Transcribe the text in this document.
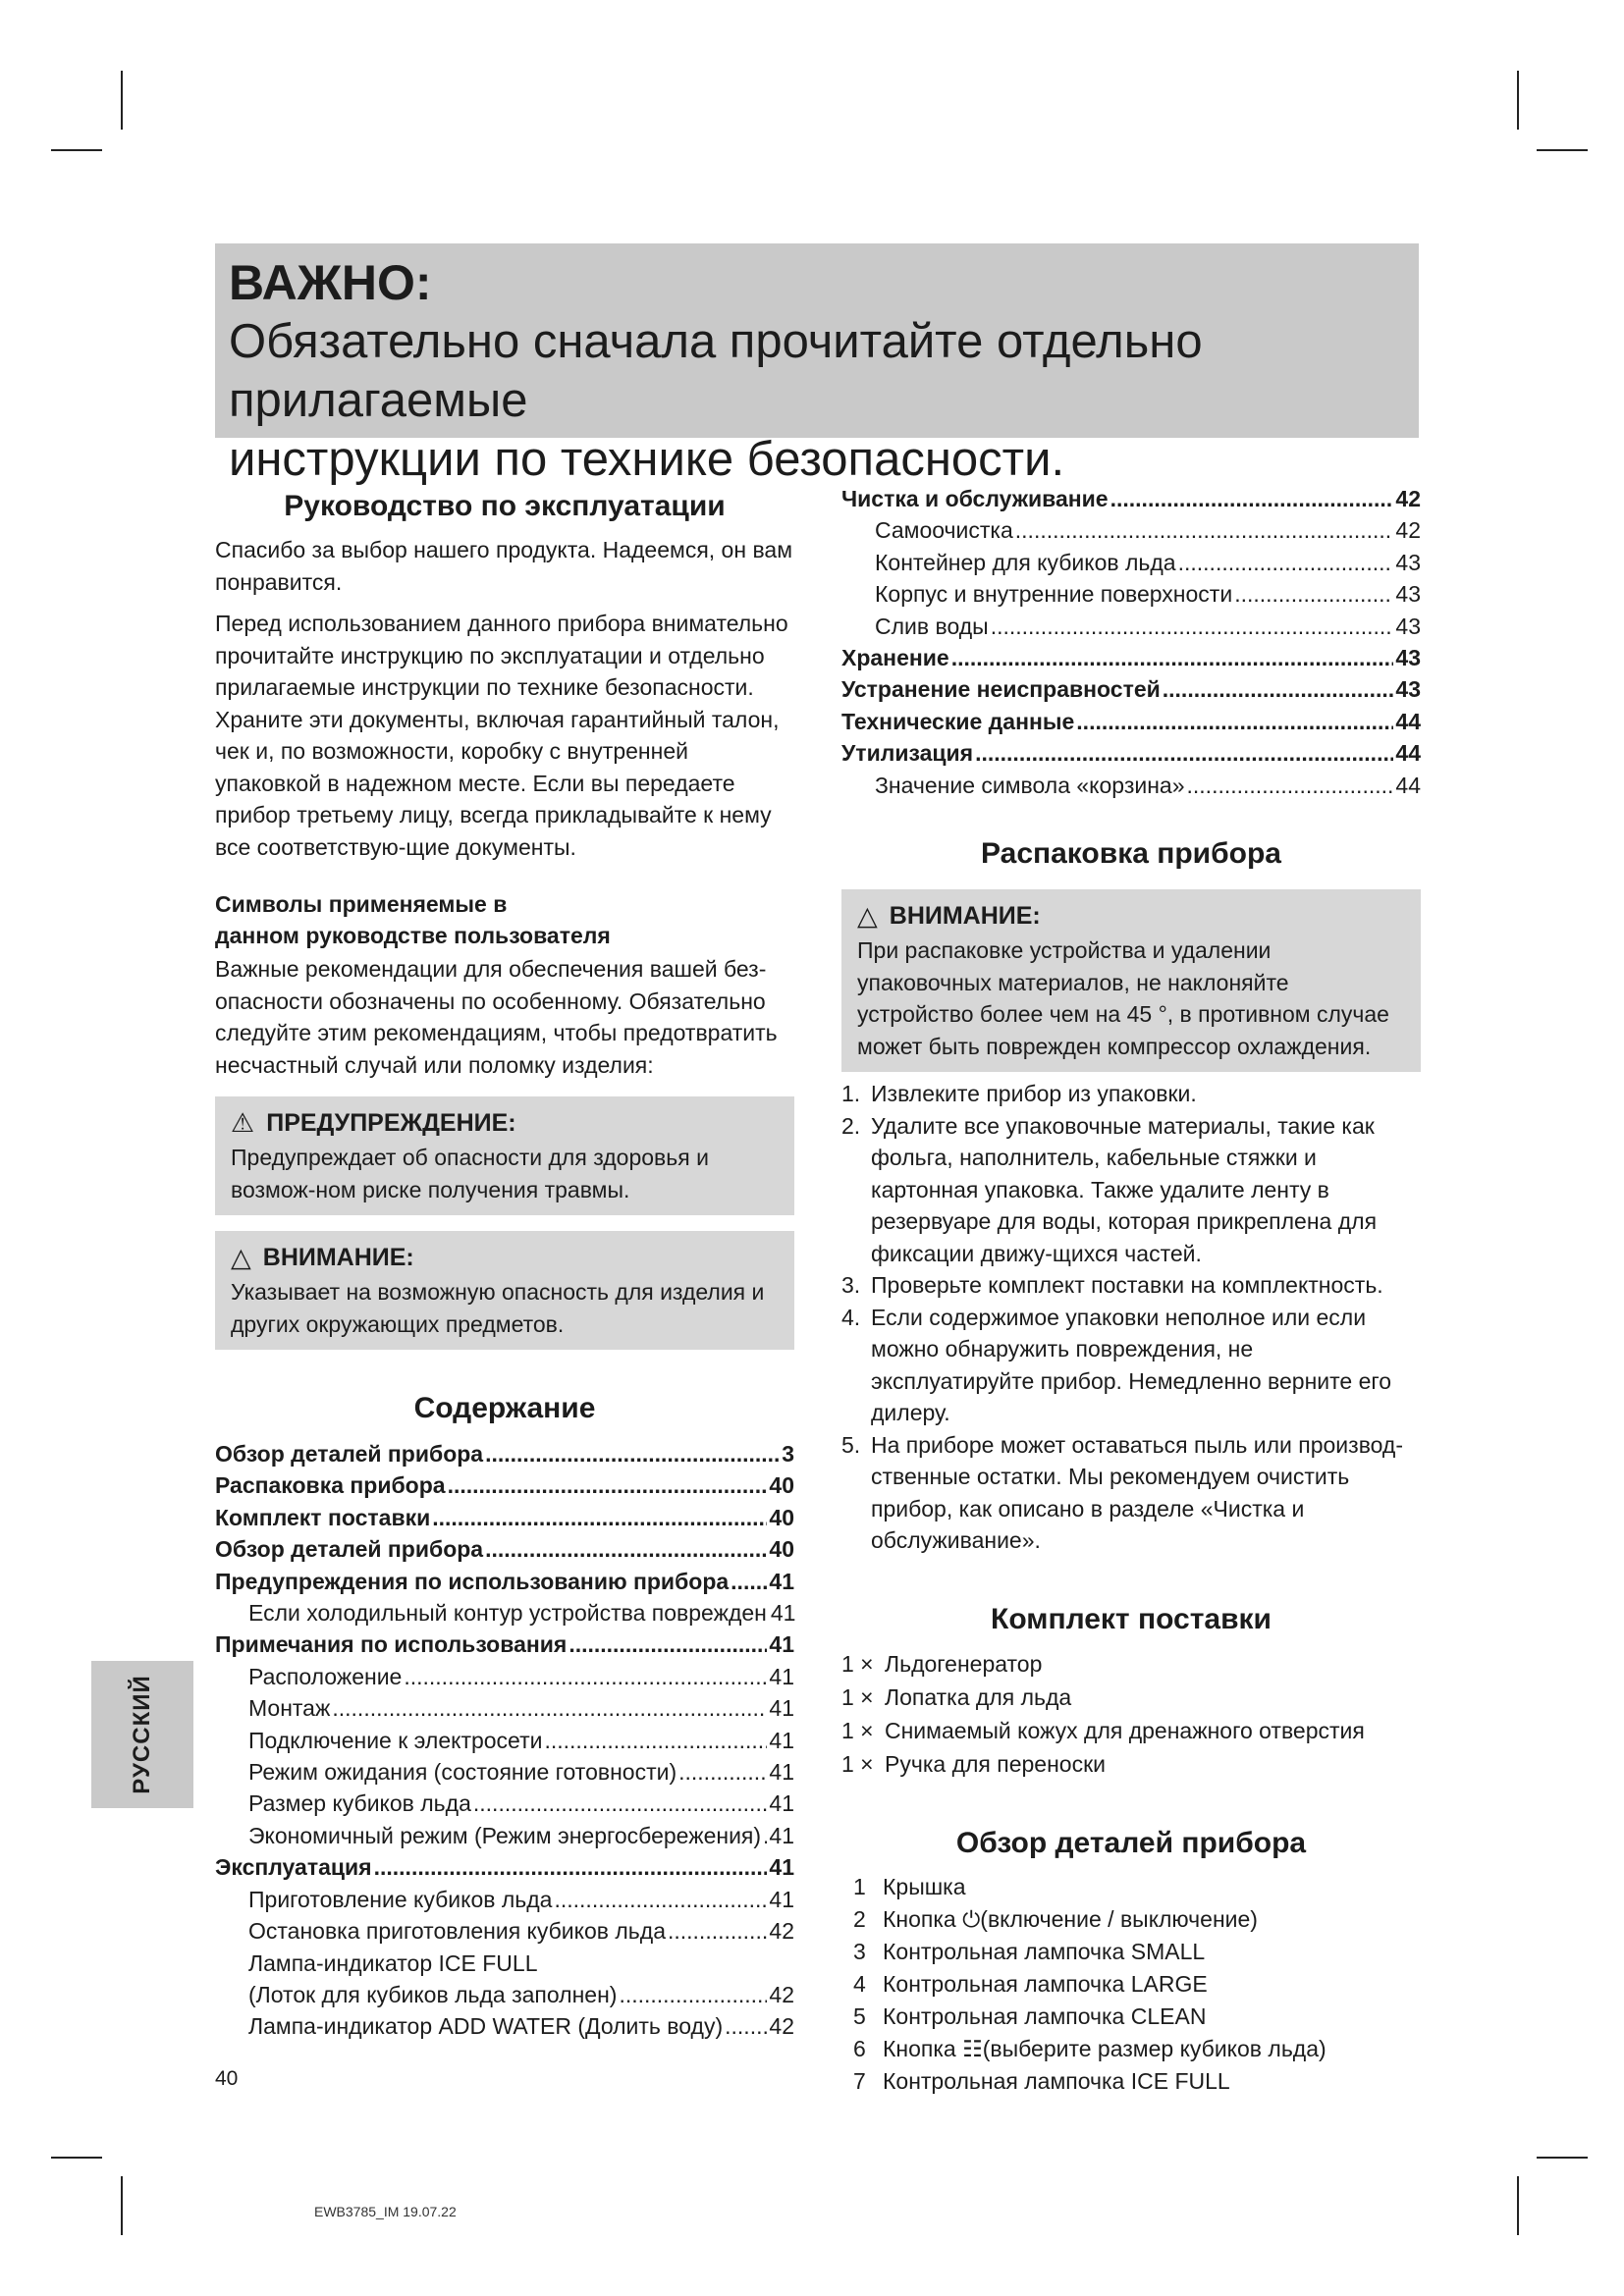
ВАЖНО:
Обязательно сначала прочитайте отдельно прилагаемые
инструкции по технике безопасности.
Руководство по эксплуатации

Спасибо за выбор нашего продукта. Надеемся, он вам понравится.

Перед использованием данного прибора внимательно прочитайте инструкцию по эксплуатации и отдельно прилагаемые инструкции по технике безопасности. Храните эти документы, включая гарантийный талон, чек и, по возможности, коробку с внутренней упаковкой в надежном месте. Если вы передаете прибор третьему лицу, всегда прикладывайте к нему все соответствую-щие документы.

Символы применяемые в
данном руководстве пользователя

Важные рекомендации для обеспечения вашей без-опасности обозначены по особенному. Обязательно следуйте этим рекомендациям, чтобы предотвратить несчастный случай или поломку изделия:

⚠ ПРЕДУПРЕЖДЕНИЕ:

Предупреждает об опасности для здоровья и возмож-ном риске получения травмы.

△ ВНИМАНИЕ:

Указывает на возможную опасность для изделия и других окружающих предметов.

Содержание
Обзор деталей прибора .....	3
Распаковка прибора .....	40
Комплект поставки .....	40
Обзор деталей прибора .....	40
Предупреждения по использованию прибора ..... 41
Если холодильный контур устройства поврежден 41
Примечания по использования .....	41
Расположение .....	41
Монтаж .....	41
Подключение к электросети .....	41
Режим ожидания (состояние готовности) .....	41
Размер кубиков льда .....	41
Экономичный режим (Режим энергосбережения) ..... 41
Эксплуатация .....	41
Приготовление кубиков льда .....	41
Остановка приготовления кубиков льда .....	42
Лампа-индикатор ICE FULL
(Лоток для кубиков льда заполнен) .....	42
Лампа-индикатор ADD WATER (Долить воду) ..... 42
Чистка и обслуживание .....	42
Самоочистка .....	42
Контейнер для кубиков льда .....	43
Корпус и внутренние поверхности .....	43
Слив воды .....	43
Хранение .....	43
Устранение неисправностей .....	43
Технические данные .....	44
Утилизация .....	44
Значение символа «корзина» .....	44
Распаковка прибора
△ ВНИМАНИЕ:

При распаковке устройства и удалении упаковочных материалов, не наклоняйте устройство более чем на 45 °, в противном случае может быть поврежден компрессор охлаждения.

1. Извлеките прибор из упаковки.
2. Удалите все упаковочные материалы, такие как фольга, наполнитель, кабельные стяжки и картонная упаковка. Также удалите ленту в резервуаре для воды, которая прикреплена для фиксации движу-щихся частей.
3. Проверьте комплект поставки на комплектность.
4. Если содержимое упаковки неполное или если можно обнаружить повреждения, не эксплуатируйте прибор. Немедленно верните его дилеру.
5. На приборе может оставаться пыль или производ-ственные остатки. Мы рекомендуем очистить прибор, как описано в разделе «Чистка и обслуживание».
Комплект поставки
1 × Льдогенератор
1 × Лопатка для льда
1 × Снимаемый кожух для дренажного отверстия
1 × Ручка для переноски
Обзор деталей прибора
1 Крышка
2 Кнопка ⏻(включение / выключение)
3 Контрольная лампочка SMALL
4 Контрольная лампочка LARGE
5 Контрольная лампочка CLEAN
6 Кнопка ☷(выберите размер кубиков льда)
7 Контрольная лампочка ICE FULL
РУССКИЙ
40
EWB3785_IM 19.07.22
